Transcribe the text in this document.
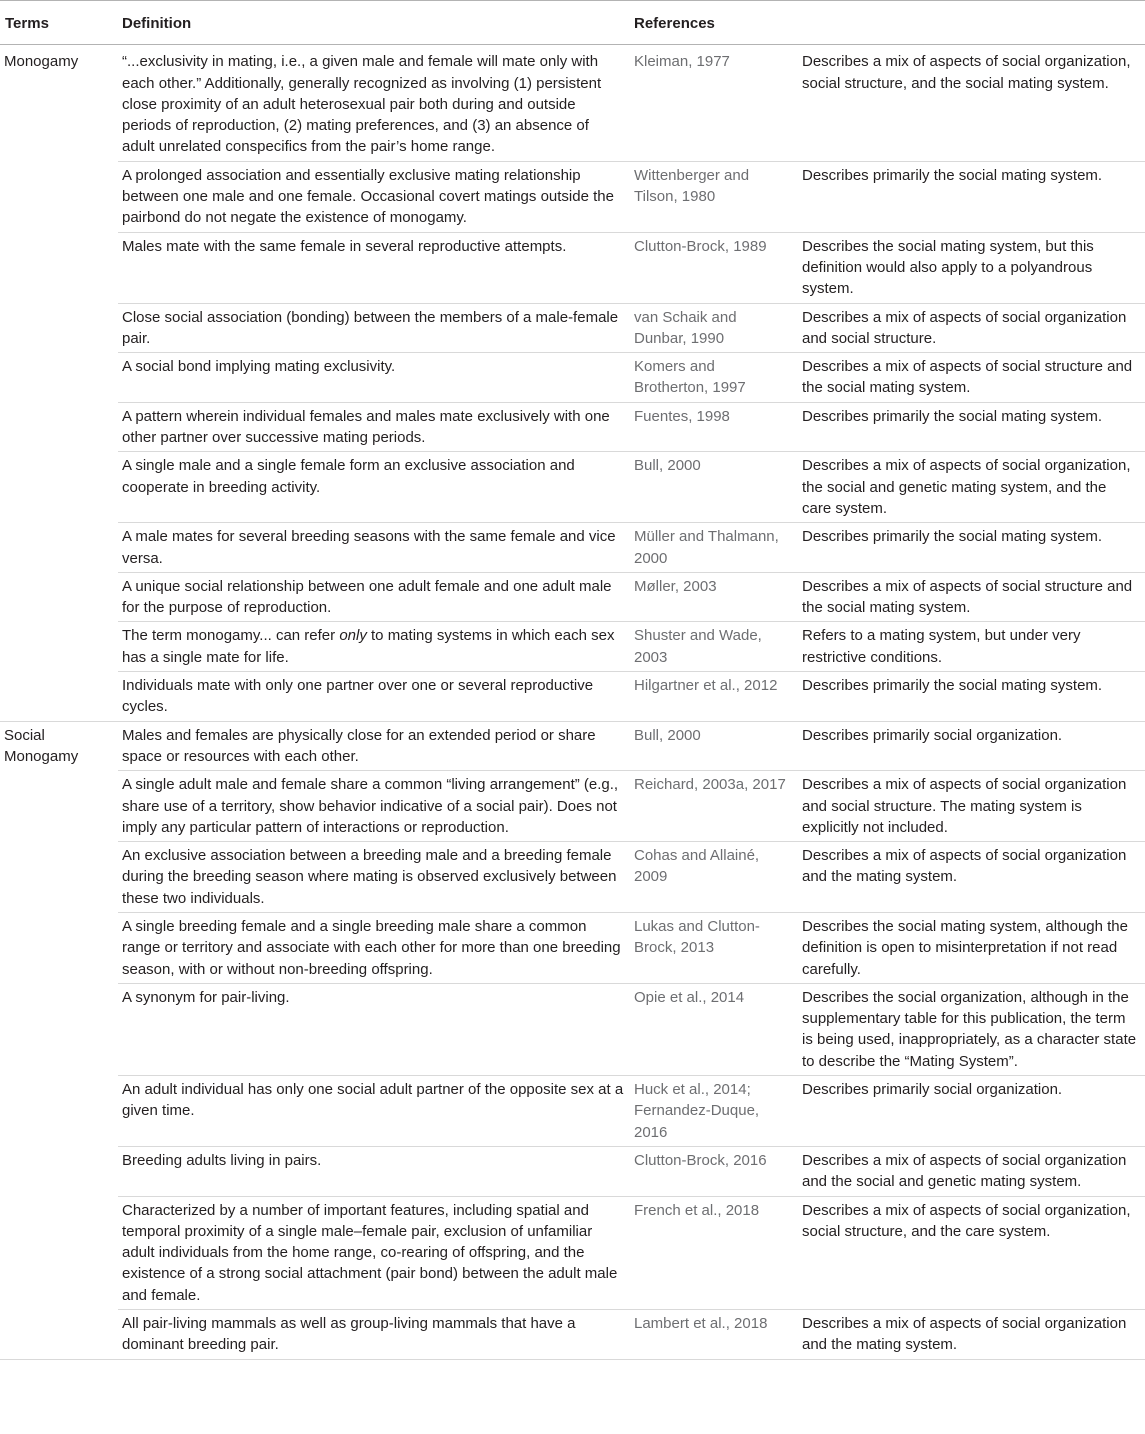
Terms	Definition	References	
Monogamy	“...exclusivity in mating, i.e., a given male and female will mate only with each other.” Additionally, generally recognized as involving (1) persistent close proximity of an adult heterosexual pair both during and outside periods of reproduction, (2) mating preferences, and (3) an absence of adult unrelated conspecifics from the pair’s home range.	Kleiman, 1977	Describes a mix of aspects of social organization, social structure, and the social mating system.
	A prolonged association and essentially exclusive mating relationship between one male and one female. Occasional covert matings outside the pairbond do not negate the existence of monogamy.	Wittenberger and Tilson, 1980	Describes primarily the social mating system.
	Males mate with the same female in several reproductive attempts.	Clutton-Brock, 1989	Describes the social mating system, but this definition would also apply to a polyandrous system.
	Close social association (bonding) between the members of a male-female pair.	van Schaik and Dunbar, 1990	Describes a mix of aspects of social organization and social structure.
	A social bond implying mating exclusivity.	Komers and Brotherton, 1997	Describes a mix of aspects of social structure and the social mating system.
	A pattern wherein individual females and males mate exclusively with one other partner over successive mating periods.	Fuentes, 1998	Describes primarily the social mating system.
	A single male and a single female form an exclusive association and cooperate in breeding activity.	Bull, 2000	Describes a mix of aspects of social organization, the social and genetic mating system, and the care system.
	A male mates for several breeding seasons with the same female and vice versa.	Müller and Thalmann, 2000	Describes primarily the social mating system.
	A unique social relationship between one adult female and one adult male for the purpose of reproduction.	Møller, 2003	Describes a mix of aspects of social structure and the social mating system.
	The term monogamy... can refer only to mating systems in which each sex has a single mate for life.	Shuster and Wade, 2003	Refers to a mating system, but under very restrictive conditions.
	Individuals mate with only one partner over one or several reproductive cycles.	Hilgartner et al., 2012	Describes primarily the social mating system.
Social Monogamy	Males and females are physically close for an extended period or share space or resources with each other.	Bull, 2000	Describes primarily social organization.
	A single adult male and female share a common “living arrangement” (e.g., share use of a territory, show behavior indicative of a social pair). Does not imply any particular pattern of interactions or reproduction.	Reichard, 2003a, 2017	Describes a mix of aspects of social organization and social structure. The mating system is explicitly not included.
	An exclusive association between a breeding male and a breeding female during the breeding season where mating is observed exclusively between these two individuals.	Cohas and Allainé, 2009	Describes a mix of aspects of social organization and the mating system.
	A single breeding female and a single breeding male share a common range or territory and associate with each other for more than one breeding season, with or without non-breeding offspring.	Lukas and Clutton-Brock, 2013	Describes the social mating system, although the definition is open to misinterpretation if not read carefully.
	A synonym for pair-living.	Opie et al., 2014	Describes the social organization, although in the supplementary table for this publication, the term is being used, inappropriately, as a character state to describe the “Mating System”.
	An adult individual has only one social adult partner of the opposite sex at a given time.	Huck et al., 2014; Fernandez-Duque, 2016	Describes primarily social organization.
	Breeding adults living in pairs.	Clutton-Brock, 2016	Describes a mix of aspects of social organization and the social and genetic mating system.
	Characterized by a number of important features, including spatial and temporal proximity of a single male–female pair, exclusion of unfamiliar adult individuals from the home range, co-rearing of offspring, and the existence of a strong social attachment (pair bond) between the adult male and female.	French et al., 2018	Describes a mix of aspects of social organization, social structure, and the care system.
	All pair-living mammals as well as group-living mammals that have a dominant breeding pair.	Lambert et al., 2018	Describes a mix of aspects of social organization and the mating system.
